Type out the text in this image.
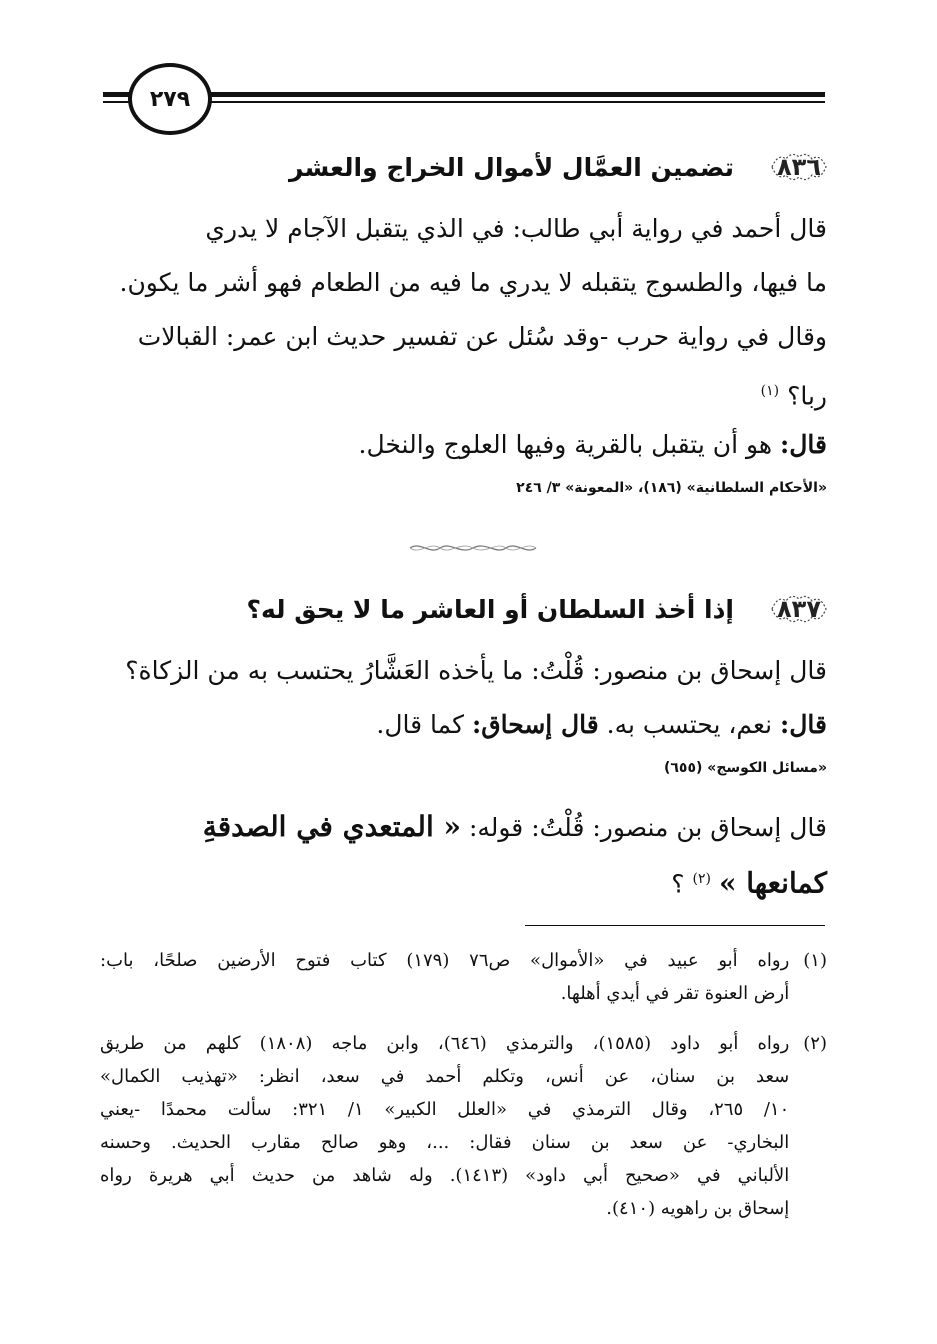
٢٧٩
٨٣٦
تضمين العمَّال لأموال الخراج والعشر
قال أحمد في رواية أبي طالب: في الذي يتقبل الآجام لا يدري
ما فيها، والطسوج يتقبله لا يدري ما فيه من الطعام فهو أشر ما يكون.
وقال في رواية حرب -وقد سُئل عن تفسير حديث ابن عمر: القبالات
ربا؟ $^{(١)}$
قال: هو أن يتقبل بالقرية وفيها العلوج والنخل.
«الأحكام السلطانية» (١٨٦)، «المعونة» ٣/ ٢٤٦
٨٣٧
إذا أخذ السلطان أو العاشر ما لا يحق له؟
قال إسحاق بن منصور: قُلْتُ: ما يأخذه العَشَّارُ يحتسب به من الزكاة؟
قال: نعم، يحتسب به. قال إسحاق: كما قال.
«مسائل الكوسج» (٦٥٥)
قال إسحاق بن منصور: قُلْتُ: قوله: « المتعدي في الصدقةِ
كمانعها » $^{(٢)}$ ؟
(١)
رواه أبو عبيد في «الأموال» ص٧٦ (١٧٩) كتاب فتوح الأرضين صلحًا، باب:
أرض العنوة تقر في أيدي أهلها.
(٢)
رواه أبو داود (١٥٨٥)، والترمذي (٦٤٦)، وابن ماجه (١٨٠٨) كلهم من طريق
سعد بن سنان، عن أنس، وتكلم أحمد في سعد، انظر: «تهذيب الكمال»
١٠/ ٢٦٥، وقال الترمذي في «العلل الكبير» ١/ ٣٢١: سألت محمدًا -يعني
البخاري- عن سعد بن سنان فقال: ...، وهو صالح مقارب الحديث. وحسنه
الألباني في «صحيح أبي داود» (١٤١٣). وله شاهد من حديث أبي هريرة رواه
إسحاق بن راهويه (٤١٠).
